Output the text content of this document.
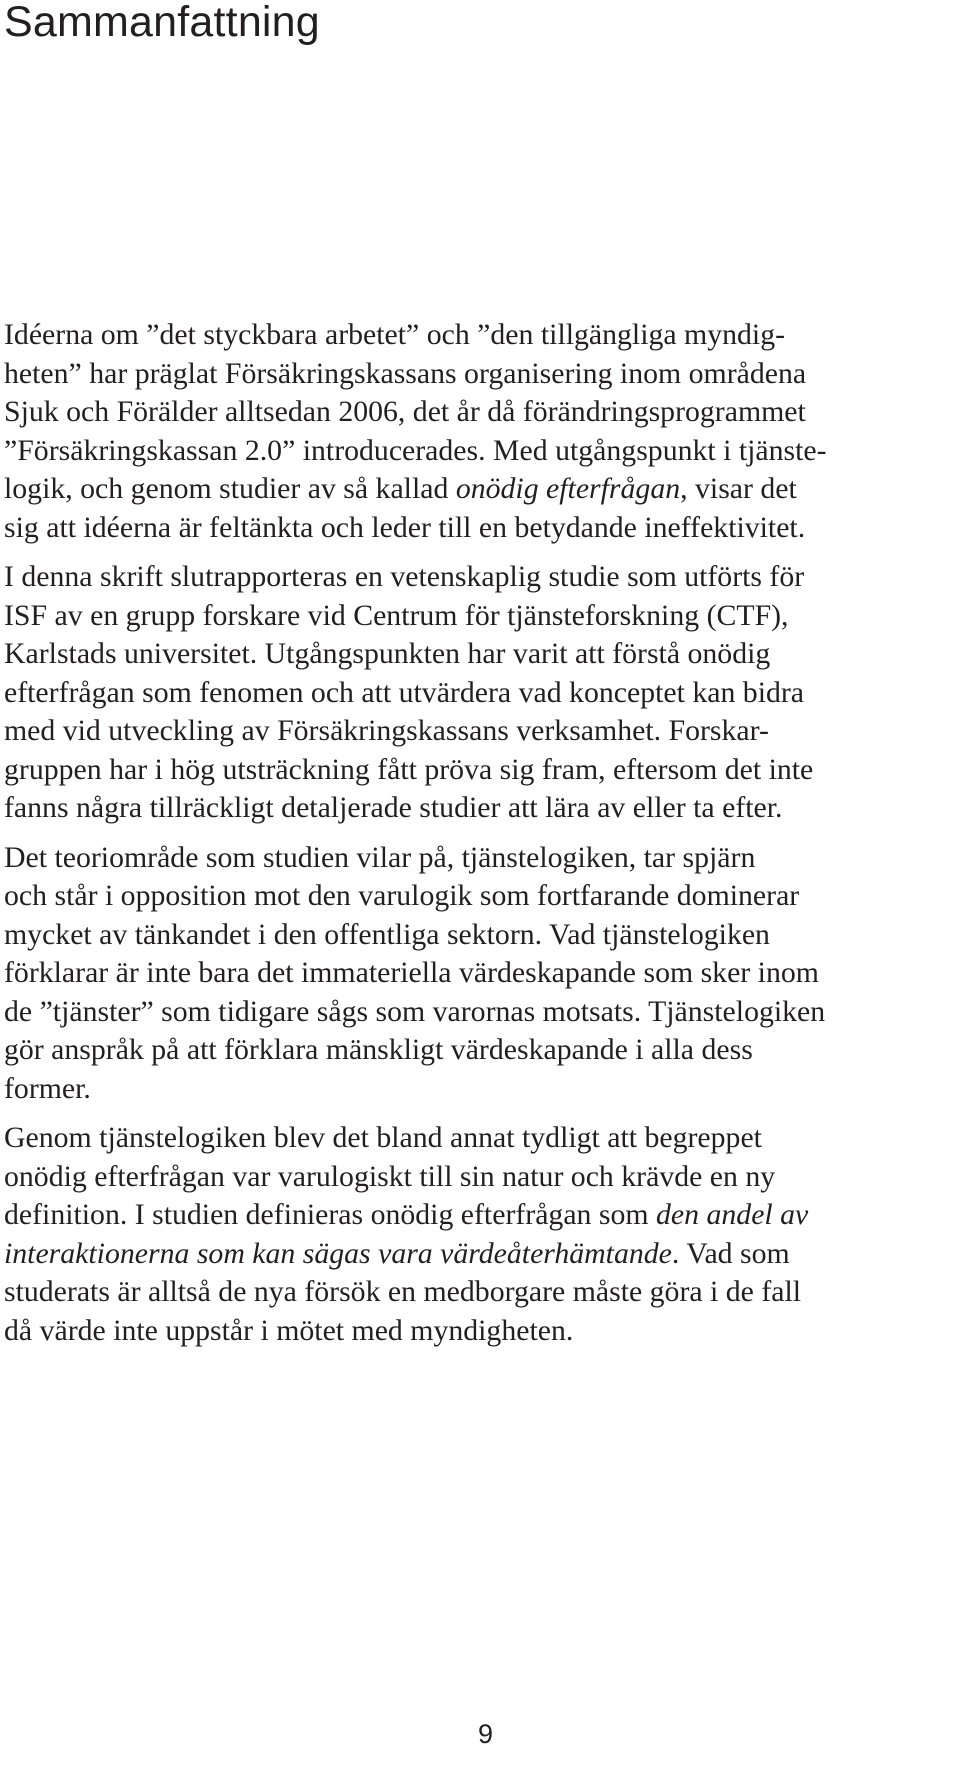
Sammanfattning

Idéerna om ”det styckbara arbetet” och ”den tillgängliga myndig-
heten” har präglat Försäkringskassans organisering inom områdena
Sjuk och Förälder alltsedan 2006, det år då förändringsprogrammet
”Försäkringskassan 2.0” introducerades. Med utgångspunkt i tjänste-
logik, och genom studier av så kallad onödig efterfrågan, visar det
sig att idéerna är feltänkta och leder till en betydande ineffektivitet.

I denna skrift slutrapporteras en vetenskaplig studie som utförts för
ISF av en grupp forskare vid Centrum för tjänsteforskning (CTF),
Karlstads universitet. Utgångspunkten har varit att förstå onödig
efterfrågan som fenomen och att utvärdera vad konceptet kan bidra
med vid utveckling av Försäkringskassans verksamhet. Forskar-
gruppen har i hög utsträckning fått pröva sig fram, eftersom det inte
fanns några tillräckligt detaljerade studier att lära av eller ta efter.

Det teoriområde som studien vilar på, tjänstelogiken, tar spjärn
och står i opposition mot den varulogik som fortfarande dominerar
mycket av tänkandet i den offentliga sektorn. Vad tjänstelogiken
förklarar är inte bara det immateriella värdeskapande som sker inom
de ”tjänster” som tidigare sågs som varornas motsats. Tjänstelogiken
gör anspråk på att förklara mänskligt värdeskapande i alla dess
former.

Genom tjänstelogiken blev det bland annat tydligt att begreppet
onödig efterfrågan var varulogiskt till sin natur och krävde en ny
definition. I studien definieras onödig efterfrågan som den andel av
interaktionerna som kan sägas vara värdeåterhämtande. Vad som
studerats är alltså de nya försök en medborgare måste göra i de fall
då värde inte uppstår i mötet med myndigheten.

9
